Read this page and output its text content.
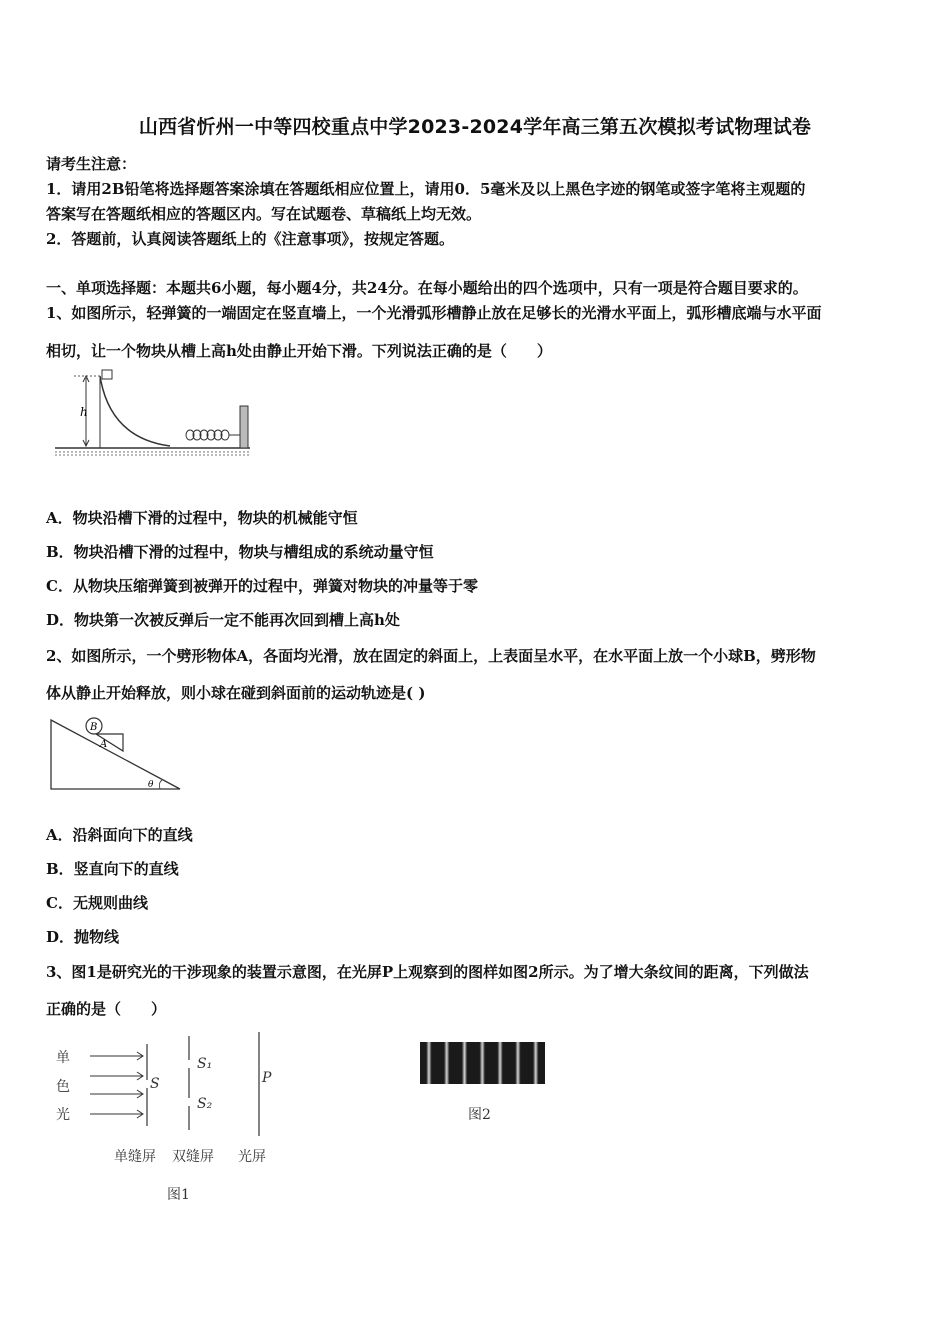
山西省忻州一中等四校重点中学2023-2024学年高三第五次模拟考试物理试卷
请考生注意：
1．请用2B铅笔将选择题答案涂填在答题纸相应位置上，请用0．5毫米及以上黑色字迹的钢笔或签字笔将主观题的
答案写在答题纸相应的答题区内。写在试题卷、草稿纸上均无效。
2．答题前，认真阅读答题纸上的《注意事项》，按规定答题。
一、单项选择题：本题共6小题，每小题4分，共24分。在每小题给出的四个选项中，只有一项是符合题目要求的。
1、如图所示，轻弹簧的一端固定在竖直墙上，一个光滑弧形槽静止放在足够长的光滑水平面上，弧形槽底端与水平面
相切，让一个物块从槽上高h处由静止开始下滑。下列说法正确的是（　　）
h
A．物块沿槽下滑的过程中，物块的机械能守恒
B．物块沿槽下滑的过程中，物块与槽组成的系统动量守恒
C．从物块压缩弹簧到被弹开的过程中，弹簧对物块的冲量等于零
D．物块第一次被反弹后一定不能再次回到槽上高h处
2、如图所示，一个劈形物体A，各面均光滑，放在固定的斜面上，上表面呈水平，在水平面上放一个小球B，劈形物
体从静止开始释放，则小球在碰到斜面前的运动轨迹是( )
A
B
θ
A．沿斜面向下的直线
B．竖直向下的直线
C．无规则曲线
D．抛物线
3、图1是研究光的干涉现象的装置示意图，在光屏P上观察到的图样如图2所示。为了增大条纹间的距离，下列做法
正确的是（　　）
单
色
光
S
S₁
S₂
P
单缝屏 双缝屏 光屏
图1
图2
